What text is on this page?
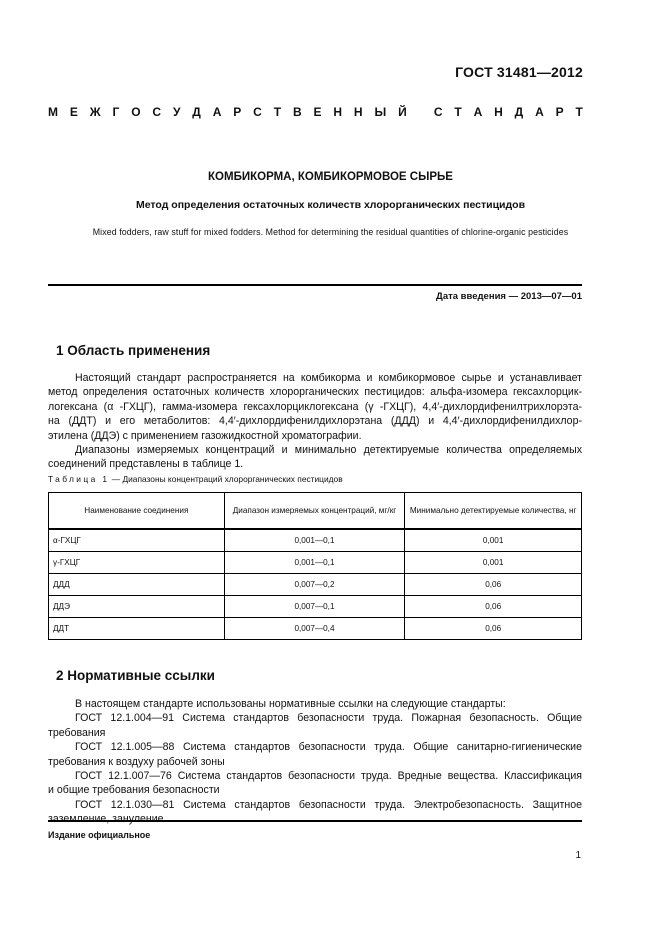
ГОСТ 31481—2012
М Е Ж Г О С У Д А Р С Т В Е Н Н Ы Й
С Т А Н Д А Р Т
КОМБИКОРМА, КОМБИКОРМОВОЕ СЫРЬЕ
Метод определения остаточных количеств хлорорганических пестицидов
Mixed fodders, raw stuff for mixed fodders. Method for determining the residual quantities of chlorine-organic pesticides
Дата введения — 2013—07—01
1 Область применения

Настоящий стандарт распространяется на комбикорма и комбикормовое сырье и устанавливает

метод определения остаточных количеств хлорорганических пестицидов: альфа-изомера гексахлорцик-

логексана (α -ГХЦГ), гамма-изомера гексахлорциклогексана (γ -ГХЦГ), 4,4′-дихлордифенилтрихлорэта-

на (ДДТ) и его метаболитов: 4,4′-дихлордифенилдихлорэтана (ДДД) и 4,4′-дихлордифенилдихлор-

этилена (ДДЭ) с применением газожидкостной хроматографии.

Диапазоны измеряемых концентраций и минимально детектируемые количества определяемых

соединений представлены в таблице 1.

Таблица 1 — Диапазоны концентраций хлорорганических пестицидов
Наименование соединения	Диапазон измеряемых концентраций, мг/кг	Минимально детектируемые количества, нг
α-ГХЦГ	0,001—0,1	0,001
γ-ГХЦГ	0,001—0,1	0,001
ДДД	0,007—0,2	0,06
ДДЭ	0,007—0,1	0,06
ДДТ	0,007—0,4	0,06
2 Нормативные ссылки

В настоящем стандарте использованы нормативные ссылки на следующие стандарты:

ГОСТ 12.1.004—91 Система стандартов безопасности труда. Пожарная безопасность. Общие

требования

ГОСТ 12.1.005—88 Система стандартов безопасности труда. Общие санитарно-гигиенические

требования к воздуху рабочей зоны

ГОСТ 12.1.007—76 Система стандартов безопасности труда. Вредные вещества. Классификация

и общие требования безопасности

ГОСТ 12.1.030—81 Система стандартов безопасности труда. Электробезопасность. Защитное

Издание официальное
1
